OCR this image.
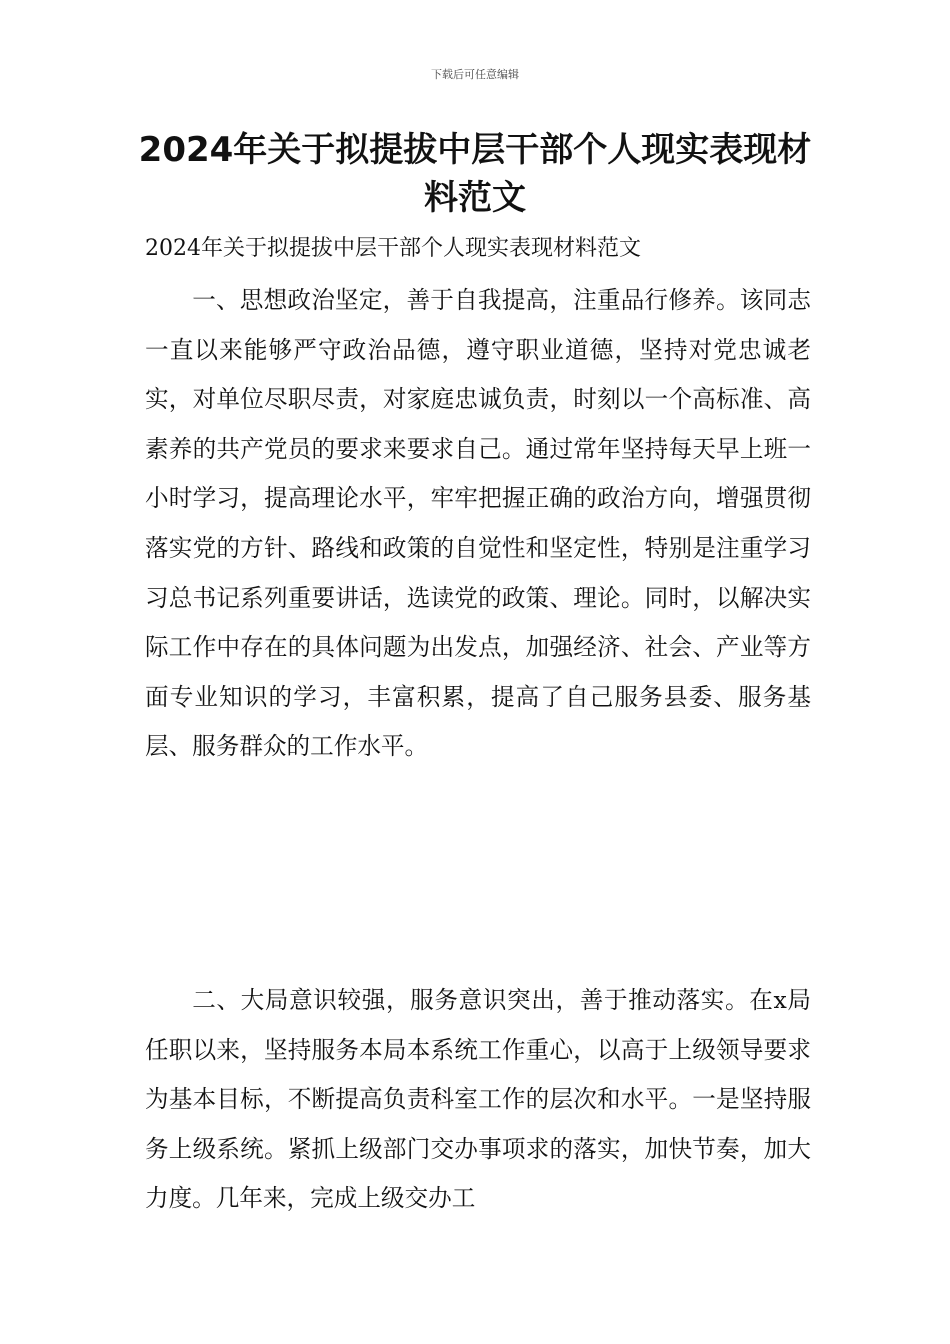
下载后可任意编辑
2024年关于拟提拔中层干部个人现实表现材料范文
2024年关于拟提拔中层干部个人现实表现材料范文

一、思想政治坚定，善于自我提高，注重品行修养。该同志一直以来能够严守政治品德，遵守职业道德，坚持对党忠诚老实，对单位尽职尽责，对家庭忠诚负责，时刻以一个高标准、高素养的共产党员的要求来要求自己。通过常年坚持每天早上班一小时学习，提高理论水平，牢牢把握正确的政治方向，增强贯彻落实党的方针、路线和政策的自觉性和坚定性，特别是注重学习习总书记系列重要讲话，选读党的政策、理论。同时，以解决实际工作中存在的具体问题为出发点，加强经济、社会、产业等方面专业知识的学习，丰富积累，提高了自己服务县委、服务基层、服务群众的工作水平。

二、大局意识较强，服务意识突出，善于推动落实。在x局任职以来，坚持服务本局本系统工作重心，以高于上级领导要求为基本目标，不断提高负责科室工作的层次和水平。一是坚持服务上级系统。紧抓上级部门交办事项求的落实，加快节奏，加大力度。几年来，完成上级交办工
